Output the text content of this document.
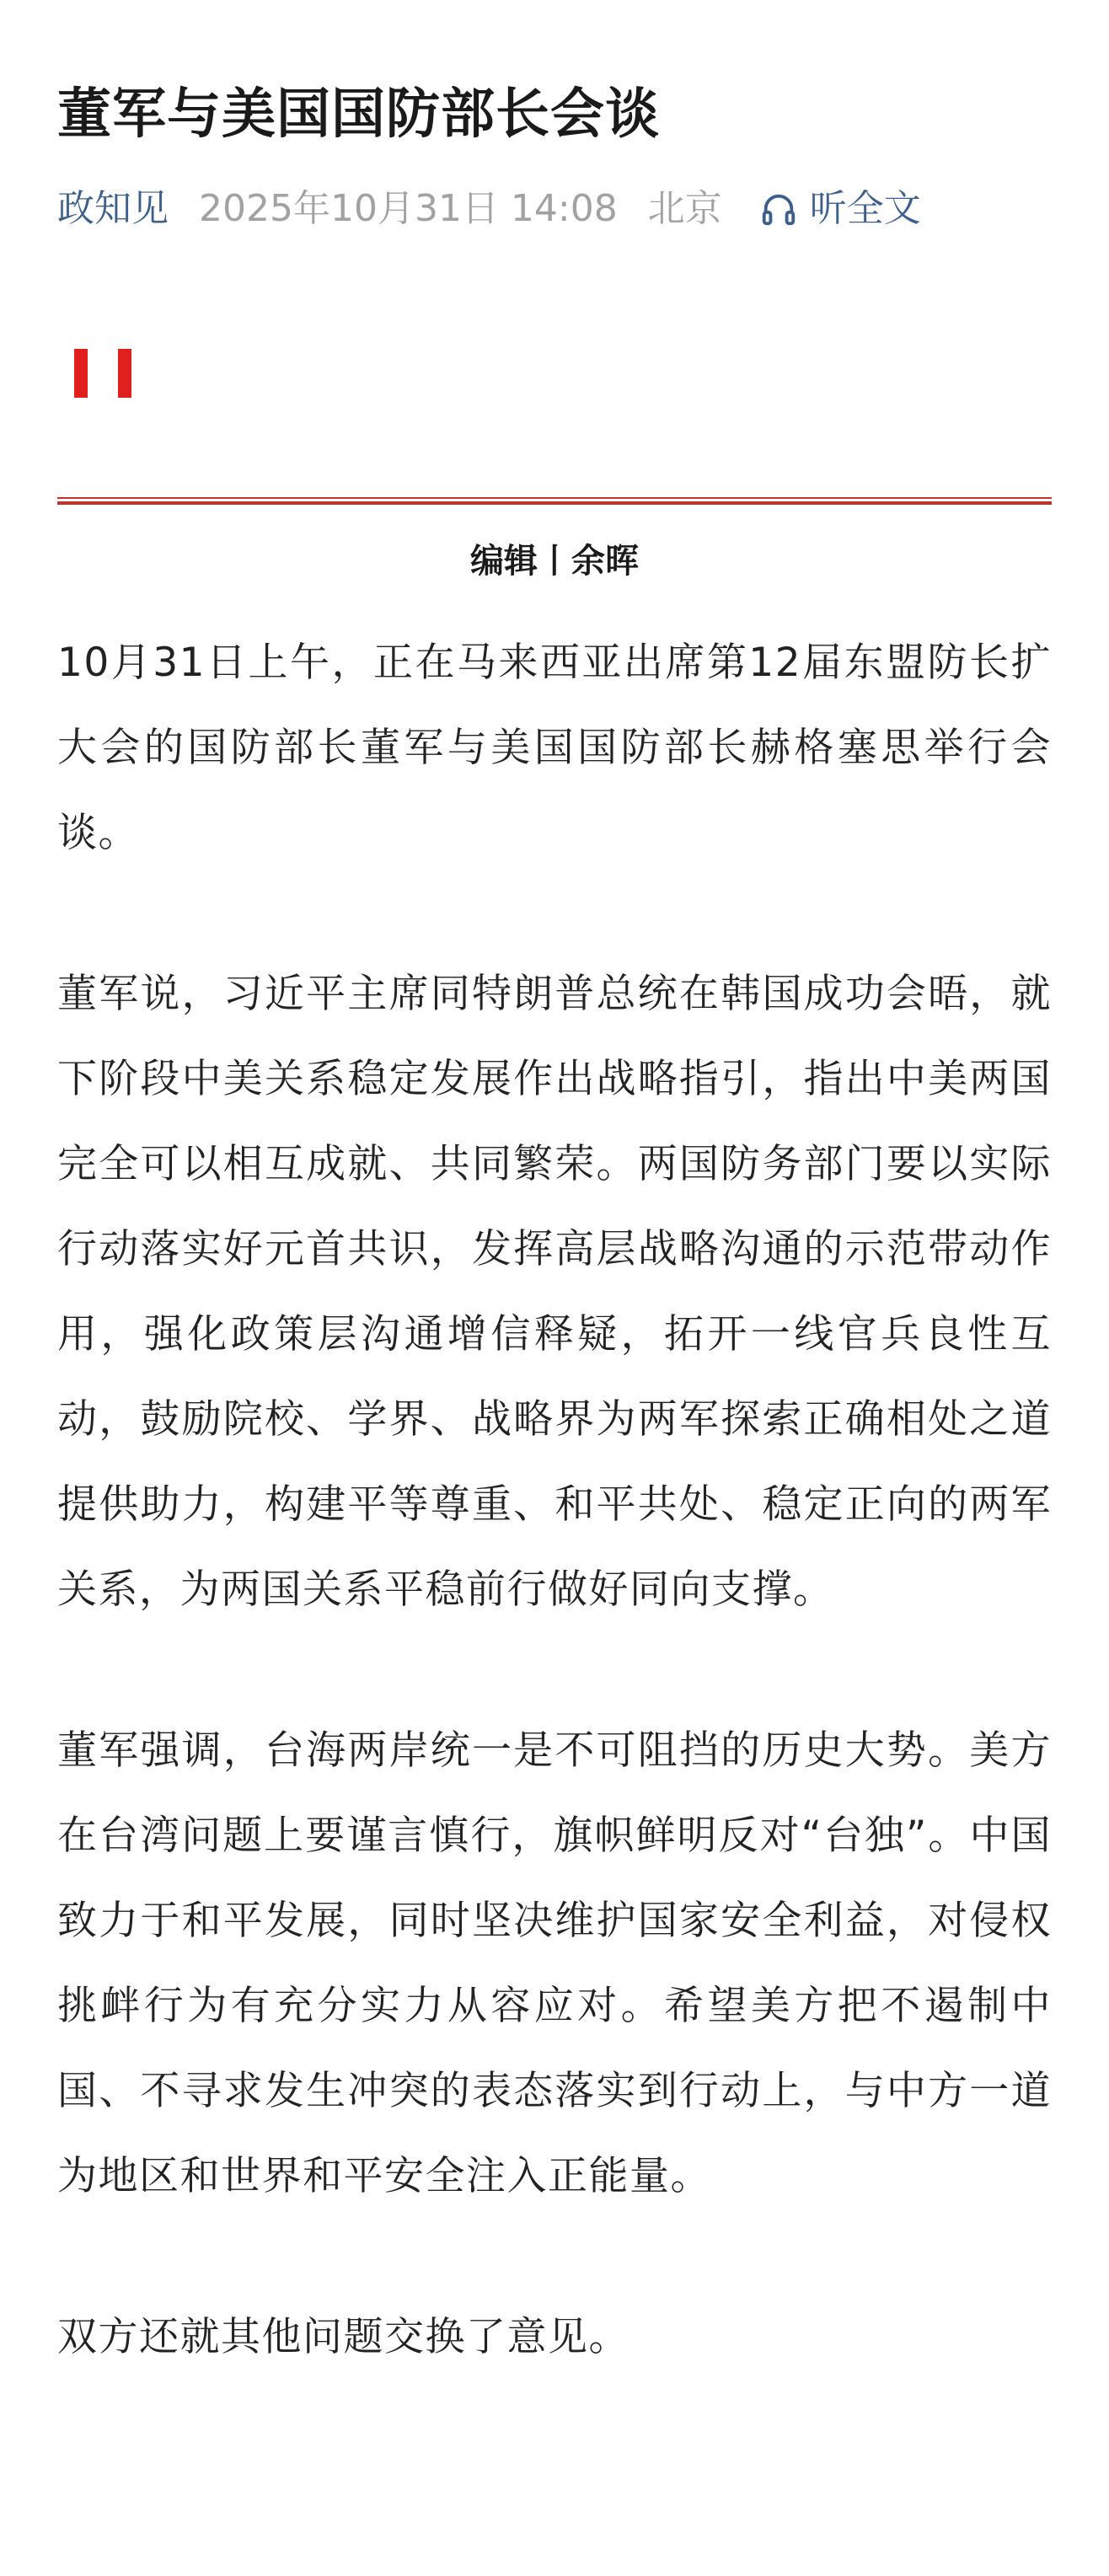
董军与美国国防部长会谈
政知见 2025年10月31日 14:08 北京 听全文
编辑丨余晖

10月31日上午，正在马来西亚出席第12届东盟防长扩大会的国防部长董军与美国国防部长赫格塞思举行会谈。

董军说，习近平主席同特朗普总统在韩国成功会晤，就下阶段中美关系稳定发展作出战略指引，指出中美两国完全可以相互成就、共同繁荣。两国防务部门要以实际行动落实好元首共识，发挥高层战略沟通的示范带动作用，强化政策层沟通增信释疑，拓开一线官兵良性互动，鼓励院校、学界、战略界为两军探索正确相处之道提供助力，构建平等尊重、和平共处、稳定正向的两军关系，为两国关系平稳前行做好同向支撑。

董军强调，台海两岸统一是不可阻挡的历史大势。美方在台湾问题上要谨言慎行，旗帜鲜明反对“台独”。中国致力于和平发展，同时坚决维护国家安全利益，对侵权挑衅行为有充分实力从容应对。希望美方把不遏制中国、不寻求发生冲突的表态落实到行动上，与中方一道为地区和世界和平安全注入正能量。

双方还就其他问题交换了意见。
